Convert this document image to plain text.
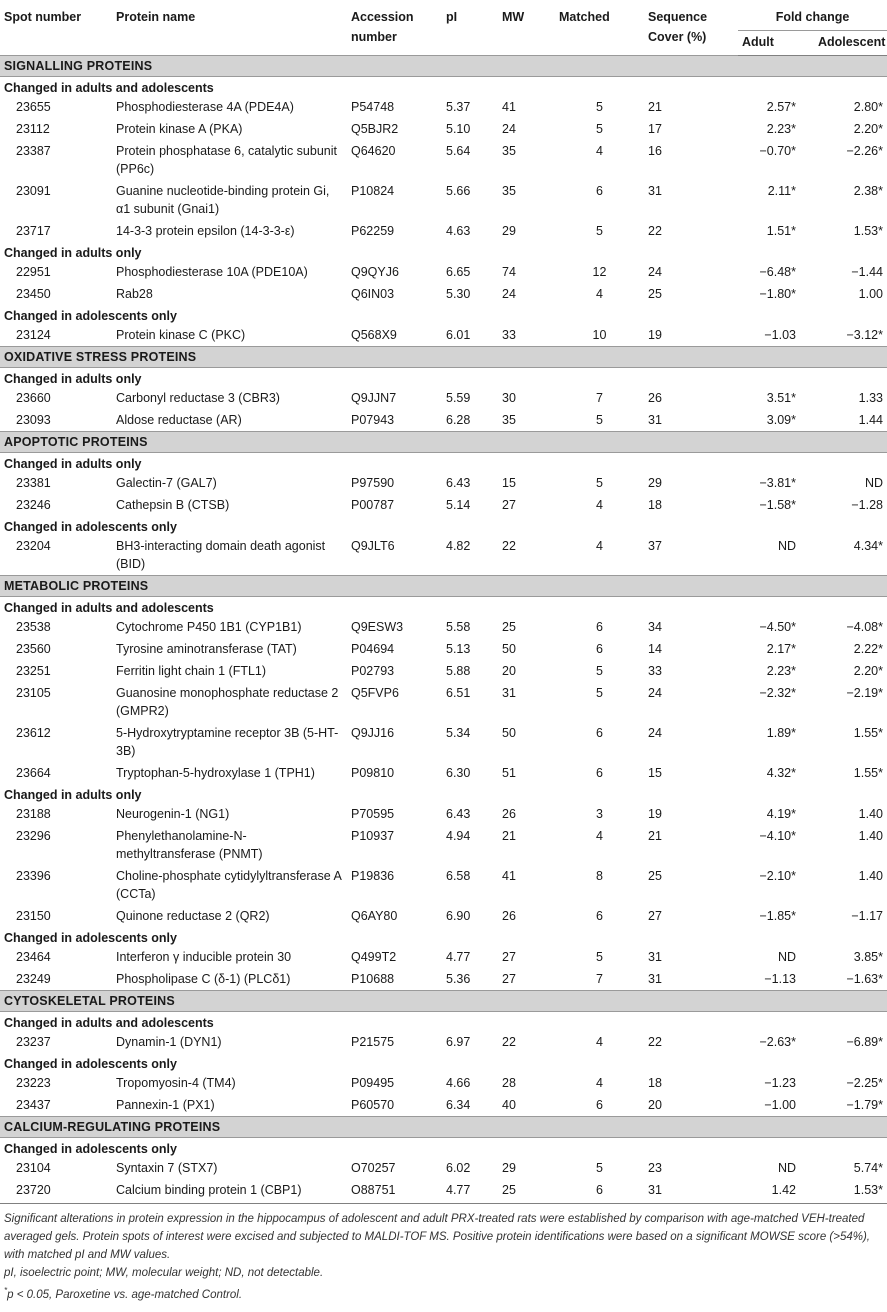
Spot number	Protein name	Accession number	pI	MW	Matched	Sequence Cover (%)	Fold change	
							Adult	Adolescent
SIGNALLING PROTEINS								
Changed in adults and adolescents								
23655	Phosphodiesterase 4A (PDE4A)	P54748	5.37	41	5	21	2.57*	2.80*
23112	Protein kinase A (PKA)	Q5BJR2	5.10	24	5	17	2.23*	2.20*
23387	Protein phosphatase 6, catalytic subunit (PP6c)	Q64620	5.64	35	4	16	−0.70*	−2.26*
23091	Guanine nucleotide-binding protein Gi, α1 subunit (Gnai1)	P10824	5.66	35	6	31	2.11*	2.38*
23717	14-3-3 protein epsilon (14-3-3-ε)	P62259	4.63	29	5	22	1.51*	1.53*
Changed in adults only								
22951	Phosphodiesterase 10A (PDE10A)	Q9QYJ6	6.65	74	12	24	−6.48*	−1.44
23450	Rab28	Q6IN03	5.30	24	4	25	−1.80*	1.00
Changed in adolescents only								
23124	Protein kinase C (PKC)	Q568X9	6.01	33	10	19	−1.03	−3.12*
OXIDATIVE STRESS PROTEINS								
Changed in adults only								
23660	Carbonyl reductase 3 (CBR3)	Q9JJN7	5.59	30	7	26	3.51*	1.33
23093	Aldose reductase (AR)	P07943	6.28	35	5	31	3.09*	1.44
APOPTOTIC PROTEINS								
Changed in adults only								
23381	Galectin-7 (GAL7)	P97590	6.43	15	5	29	−3.81*	ND
23246	Cathepsin B (CTSB)	P00787	5.14	27	4	18	−1.58*	−1.28
Changed in adolescents only								
23204	BH3-interacting domain death agonist (BID)	Q9JLT6	4.82	22	4	37	ND	4.34*
METABOLIC PROTEINS								
Changed in adults and adolescents								
23538	Cytochrome P450 1B1 (CYP1B1)	Q9ESW3	5.58	25	6	34	−4.50*	−4.08*
23560	Tyrosine aminotransferase (TAT)	P04694	5.13	50	6	14	2.17*	2.22*
23251	Ferritin light chain 1 (FTL1)	P02793	5.88	20	5	33	2.23*	2.20*
23105	Guanosine monophosphate reductase 2 (GMPR2)	Q5FVP6	6.51	31	5	24	−2.32*	−2.19*
23612	5-Hydroxytryptamine receptor 3B (5-HT-3B)	Q9JJ16	5.34	50	6	24	1.89*	1.55*
23664	Tryptophan-5-hydroxylase 1 (TPH1)	P09810	6.30	51	6	15	4.32*	1.55*
Changed in adults only								
23188	Neurogenin-1 (NG1)	P70595	6.43	26	3	19	4.19*	1.40
23296	Phenylethanolamine-N-methyltransferase (PNMT)	P10937	4.94	21	4	21	−4.10*	1.40
23396	Choline-phosphate cytidylyltransferase A (CCTa)	P19836	6.58	41	8	25	−2.10*	1.40
23150	Quinone reductase 2 (QR2)	Q6AY80	6.90	26	6	27	−1.85*	−1.17
Changed in adolescents only								
23464	Interferon γ inducible protein 30	Q499T2	4.77	27	5	31	ND	3.85*
23249	Phospholipase C (δ-1) (PLCδ1)	P10688	5.36	27	7	31	−1.13	−1.63*
CYTOSKELETAL PROTEINS								
Changed in adults and adolescents								
23237	Dynamin-1 (DYN1)	P21575	6.97	22	4	22	−2.63*	−6.89*
Changed in adolescents only								
23223	Tropomyosin-4 (TM4)	P09495	4.66	28	4	18	−1.23	−2.25*
23437	Pannexin-1 (PX1)	P60570	6.34	40	6	20	−1.00	−1.79*
CALCIUM-REGULATING PROTEINS								
Changed in adolescents only								
23104	Syntaxin 7 (STX7)	O70257	6.02	29	5	23	ND	5.74*
23720	Calcium binding protein 1 (CBP1)	O88751	4.77	25	6	31	1.42	1.53*

Significant alterations in protein expression in the hippocampus of adolescent and adult PRX-treated rats were established by comparison with age-matched VEH-treated averaged gels. Protein spots of interest were excised and subjected to MALDI-TOF MS. Positive protein identifications were based on a significant MOWSE score (>54%), with matched pI and MW values.

pI, isoelectric point; MW, molecular weight; ND, not detectable.

*p < 0.05, Paroxetine vs. age-matched Control.
